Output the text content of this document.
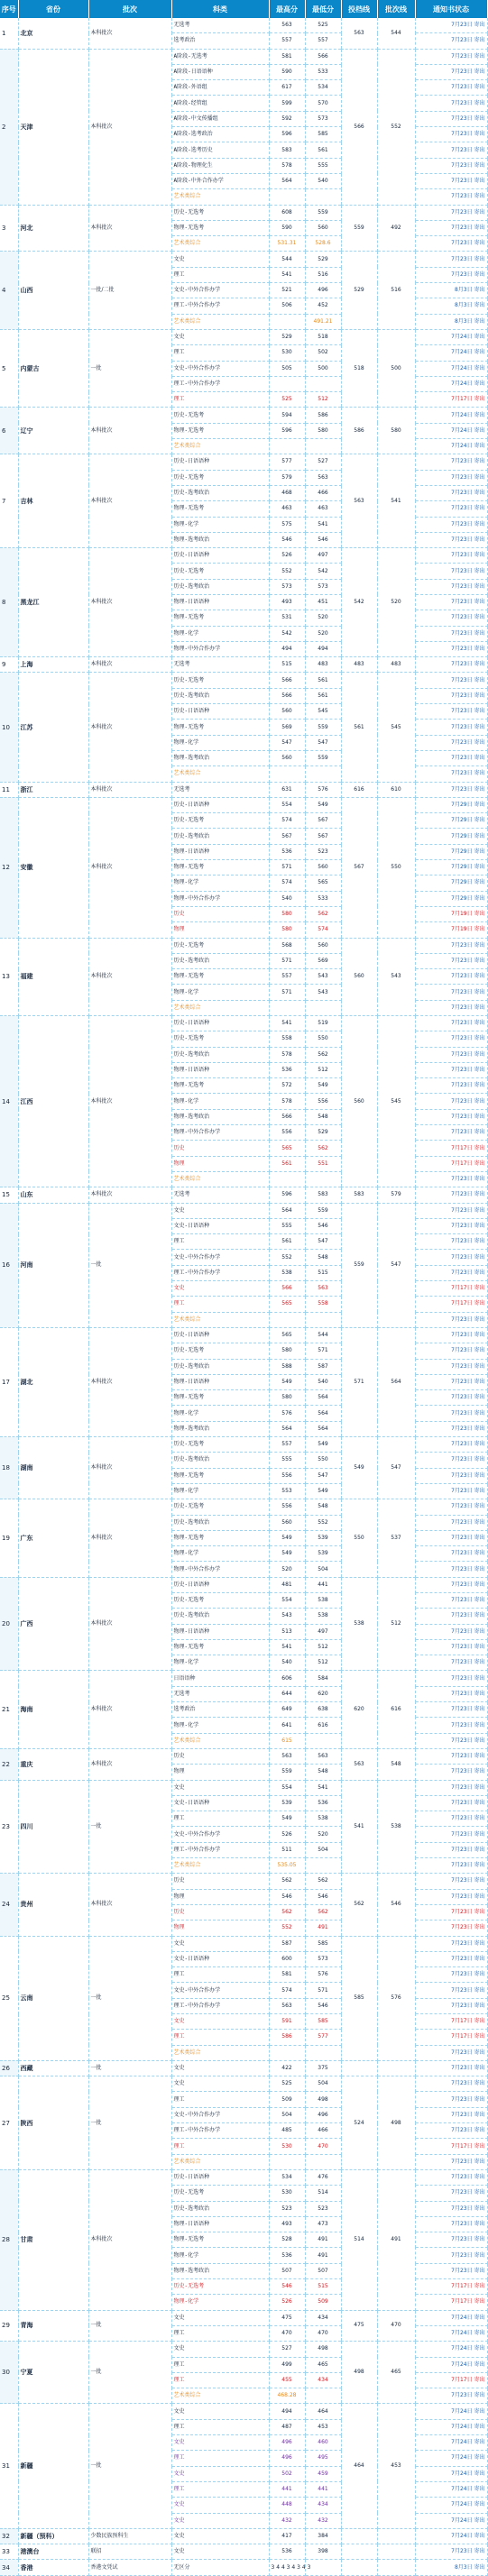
序号	省份	批次	科类	最高分	最低分	投档线	批次线	通知书状态
1	北京	本科批次	无选考	563	525	563	544	7月23日 寄出
			选考政治	557	557			7月23日 寄出
2	天津	本科批次	A阶段-无选考	581	566	566	552	7月23日 寄出
			A阶段-日语语种	590	533			7月23日 寄出
			A阶段-外语组	617	534			7月23日 寄出
			A阶段-经管组	599	570			7月23日 寄出
			A阶段-中文传播组	592	573			7月23日 寄出
			A阶段-选考政治	596	585			7月23日 寄出
			A阶段-选考历史	583	561			7月23日 寄出
			A阶段-物理化生	578	555			7月23日 寄出
			A阶段-中外合作办学	564	540			7月23日 寄出
			艺术类综合					7月23日 寄出
3	河北	本科批次	历史-无选考	608	559	559	492	7月23日 寄出
			物理-无选考	590	560			7月23日 寄出
			艺术类综合	531.31	528.6			7月23日 寄出
4	山西	一批/二批	文史	544	529	529	516	7月23日 寄出
			理工	541	516			7月23日 寄出
			文史-中外合作办学	521	496			8月3日 寄出
			理工-中外合作办学	506	452			8月3日 寄出
			艺术类综合		491.21			8月3日 寄出
5	内蒙古	一批	文史	529	518	518	500	7月24日 寄出
			理工	530	502			7月24日 寄出
			文史-中外合作办学	505	500			7月24日 寄出
			理工-中外合作办学					7月24日 寄出
			理工	525	512			7月17日 寄出
6	辽宁	本科批次	历史-无选考	594	586	586	580	7月24日 寄出
			物理-无选考	596	580			7月24日 寄出
			艺术类综合					7月24日 寄出
7	吉林	本科批次	历史-日语语种	577	527	563	541	7月23日 寄出
			历史-无选考	579	563			7月23日 寄出
			历史-选考政治	468	466			7月23日 寄出
			物理-无选考	463	463			7月23日 寄出
			物理-化学	575	541			7月23日 寄出
			物理-选考政治	546	546			7月23日 寄出
8	黑龙江	本科批次	历史-日语语种	526	497	542	520	7月23日 寄出
			历史-无选考	552	542			7月23日 寄出
			历史-选考政治	573	573			7月23日 寄出
			物理-日语语种	493	451			7月23日 寄出
			物理-无选考	531	520			7月23日 寄出
			物理-化学	542	520			7月23日 寄出
			物理-中外合作办学	494	494			7月23日 寄出
9	上海	本科批次	无选考	515	483	483	483	7月23日 寄出
10	江苏	本科批次	历史-无选考	566	561	561	545	7月23日 寄出
			历史-选考政治	566	561			7月23日 寄出
			历史-日语语种	560	545			7月23日 寄出
			物理-无选考	569	559			7月23日 寄出
			物理-化学	547	547			7月23日 寄出
			物理-选考政治	560	559			7月23日 寄出
			艺术类综合					7月23日 寄出
11	浙江	本科批次	无选考	631	576	616	610	7月23日 寄出
12	安徽	本科批次	历史-日语语种	554	549	567	550	7月29日 寄出
			历史-无选考	574	567			7月29日 寄出
			历史-选考政治	567	567			7月29日 寄出
			物理-日语语种	536	523			7月29日 寄出
			物理-无选考	571	560			7月29日 寄出
			物理-化学	574	565			7月29日 寄出
			物理-中外合作办学	540	533			7月29日 寄出
			历史	580	562			7月19日 寄出
			物理	580	574			7月19日 寄出
13	福建	本科批次	历史-无选考	568	560	560	543	7月23日 寄出
			历史-选考政治	571	569			7月23日 寄出
			物理-无选考	557	543			7月23日 寄出
			物理-化学	571	543			7月23日 寄出
			艺术类综合					7月23日 寄出
14	江西	本科批次	历史-日语语种	541	519	560	545	7月23日 寄出
			历史-无选考	558	550			7月23日 寄出
			历史-选考政治	578	562			7月23日 寄出
			物理-日语语种	536	512			7月23日 寄出
			物理-无选考	572	549			7月23日 寄出
			物理-化学	578	556			7月23日 寄出
			物理-选考政治	566	548			7月23日 寄出
			物理-中外合作办学	556	529			7月23日 寄出
			历史	565	562			7月17日 寄出
			物理	561	551			7月17日 寄出
			艺术类综合					7月23日 寄出
15	山东	本科批次	无选考	596	583	583	579	7月23日 寄出
16	河南	一批	文史	564	559	559	547	7月23日 寄出
			文史-日语语种	555	546			7月23日 寄出
			理工	561	547			7月23日 寄出
			文史-中外合作办学	552	548			7月23日 寄出
			理工-中外合作办学	538	515			7月23日 寄出
			文史	566	563			7月17日 寄出
			理工	565	558			7月17日 寄出
			艺术类综合					7月23日 寄出
17	湖北	本科批次	历史-日语语种	565	544	571	564	7月23日 寄出
			历史-无选考	580	571			7月23日 寄出
			历史-选考政治	588	587			7月23日 寄出
			物理-日语语种	549	540			7月23日 寄出
			物理-无选考	580	564			7月23日 寄出
			物理-化学	576	564			7月23日 寄出
			物理-选考政治	564	564			7月23日 寄出
18	湖南	本科批次	历史-无选考	557	549	549	547	7月23日 寄出
			历史-选考政治	555	550			7月23日 寄出
			物理-无选考	556	547			7月23日 寄出
			物理-化学	553	549			7月23日 寄出
19	广东	本科批次	历史-无选考	556	548	550	537	7月23日 寄出
			历史-选考政治	560	552			7月23日 寄出
			物理-无选考	549	539			7月23日 寄出
			物理-化学	549	539			7月23日 寄出
			物理-中外合作办学	520	504			7月23日 寄出
20	广西	本科批次	历史-日语语种	481	441	538	512	7月23日 寄出
			历史-无选考	554	538			7月23日 寄出
			历史-选考政治	543	538			7月23日 寄出
			物理-日语语种	513	497			7月23日 寄出
			物理-无选考	541	512			7月23日 寄出
			物理-化学	540	512			7月23日 寄出
21	海南	本科批次	日语语种	606	584	620	616	7月23日 寄出
			无选考	644	620			7月23日 寄出
			选考政治	649	638			7月23日 寄出
			物理-化学	641	616			7月23日 寄出
			艺术类综合	615				7月23日 寄出
22	重庆	本科批次	历史	563	563	563	548	7月23日 寄出
			物理	559	548			7月23日 寄出
23	四川	一批	文史	554	541	541	538	7月23日 寄出
			文史-日语语种	539	536			7月23日 寄出
			理工	549	538			7月23日 寄出
			文史-中外合作办学	526	520			7月23日 寄出
			理工-中外合作办学	511	504			7月23日 寄出
			艺术类综合	535.05				7月23日 寄出
24	贵州	本科批次	历史	562	562	562	546	7月23日 寄出
			物理	546	546			7月23日 寄出
			历史	562	562			7月23日 寄出
			物理	552	491			7月23日 寄出
25	云南	一批	文史	587	585	585	576	7月23日 寄出
			文史-日语语种	600	573			7月23日 寄出
			理工	581	576			7月23日 寄出
			文史-中外合作办学	574	571			7月23日 寄出
			理工-中外合作办学	563	546			7月23日 寄出
			文史	591	585			7月17日 寄出
			理工	586	577			7月17日 寄出
			艺术类综合					7月23日 寄出
26	西藏	一批	文史	422	375			7月23日 寄出
27	陕西	一批	文史	525	504	524	498	7月23日 寄出
			理工	509	498			7月23日 寄出
			文史-中外合作办学	504	496			7月23日 寄出
			理工-中外合作办学	485	466			7月23日 寄出
			理工	530	470			7月17日 寄出
			艺术类综合					7月23日 寄出
28	甘肃	本科批次	历史-日语语种	534	476	514	491	7月23日 寄出
			历史-无选考	530	514			7月23日 寄出
			历史-选考政治	523	523			7月23日 寄出
			物理-日语语种	493	473			7月23日 寄出
			物理-无选考	528	491			7月23日 寄出
			物理-化学	536	491			7月23日 寄出
			物理-选考政治	507	507			7月23日 寄出
			历史-无选考	546	515			7月17日 寄出
			物理-化学	526	509			7月17日 寄出
29	青海	一批	文史	475	434	475	470	7月24日 寄出
			理工	470	470			7月24日 寄出
30	宁夏	一批	文史	527	498	498	465	7月24日 寄出
			理工	499	465			7月24日 寄出
			理工	455	434			7月17日 寄出
			艺术类综合	468.28				7月23日 寄出
31	新疆	一批	文史	494	464	464	453	7月24日 寄出
			理工	487	453			7月24日 寄出
			文史	496	460			7月24日 寄出
			理工	496	495			7月24日 寄出
			文史	502	459			7月24日 寄出
			理工	441	441			7月24日 寄出
			文史	448	434			7月24日 寄出
			文史	432	432			7月24日 寄出
32	新疆（预科）	少数民族预科生	文史	417	384			7月24日 寄出
33	港澳台	联招	文史	536	398			7月23日 寄出
34	香港	香港文凭试	无区分	3 4 4 3 4 3 4 3				8月3日 寄出
